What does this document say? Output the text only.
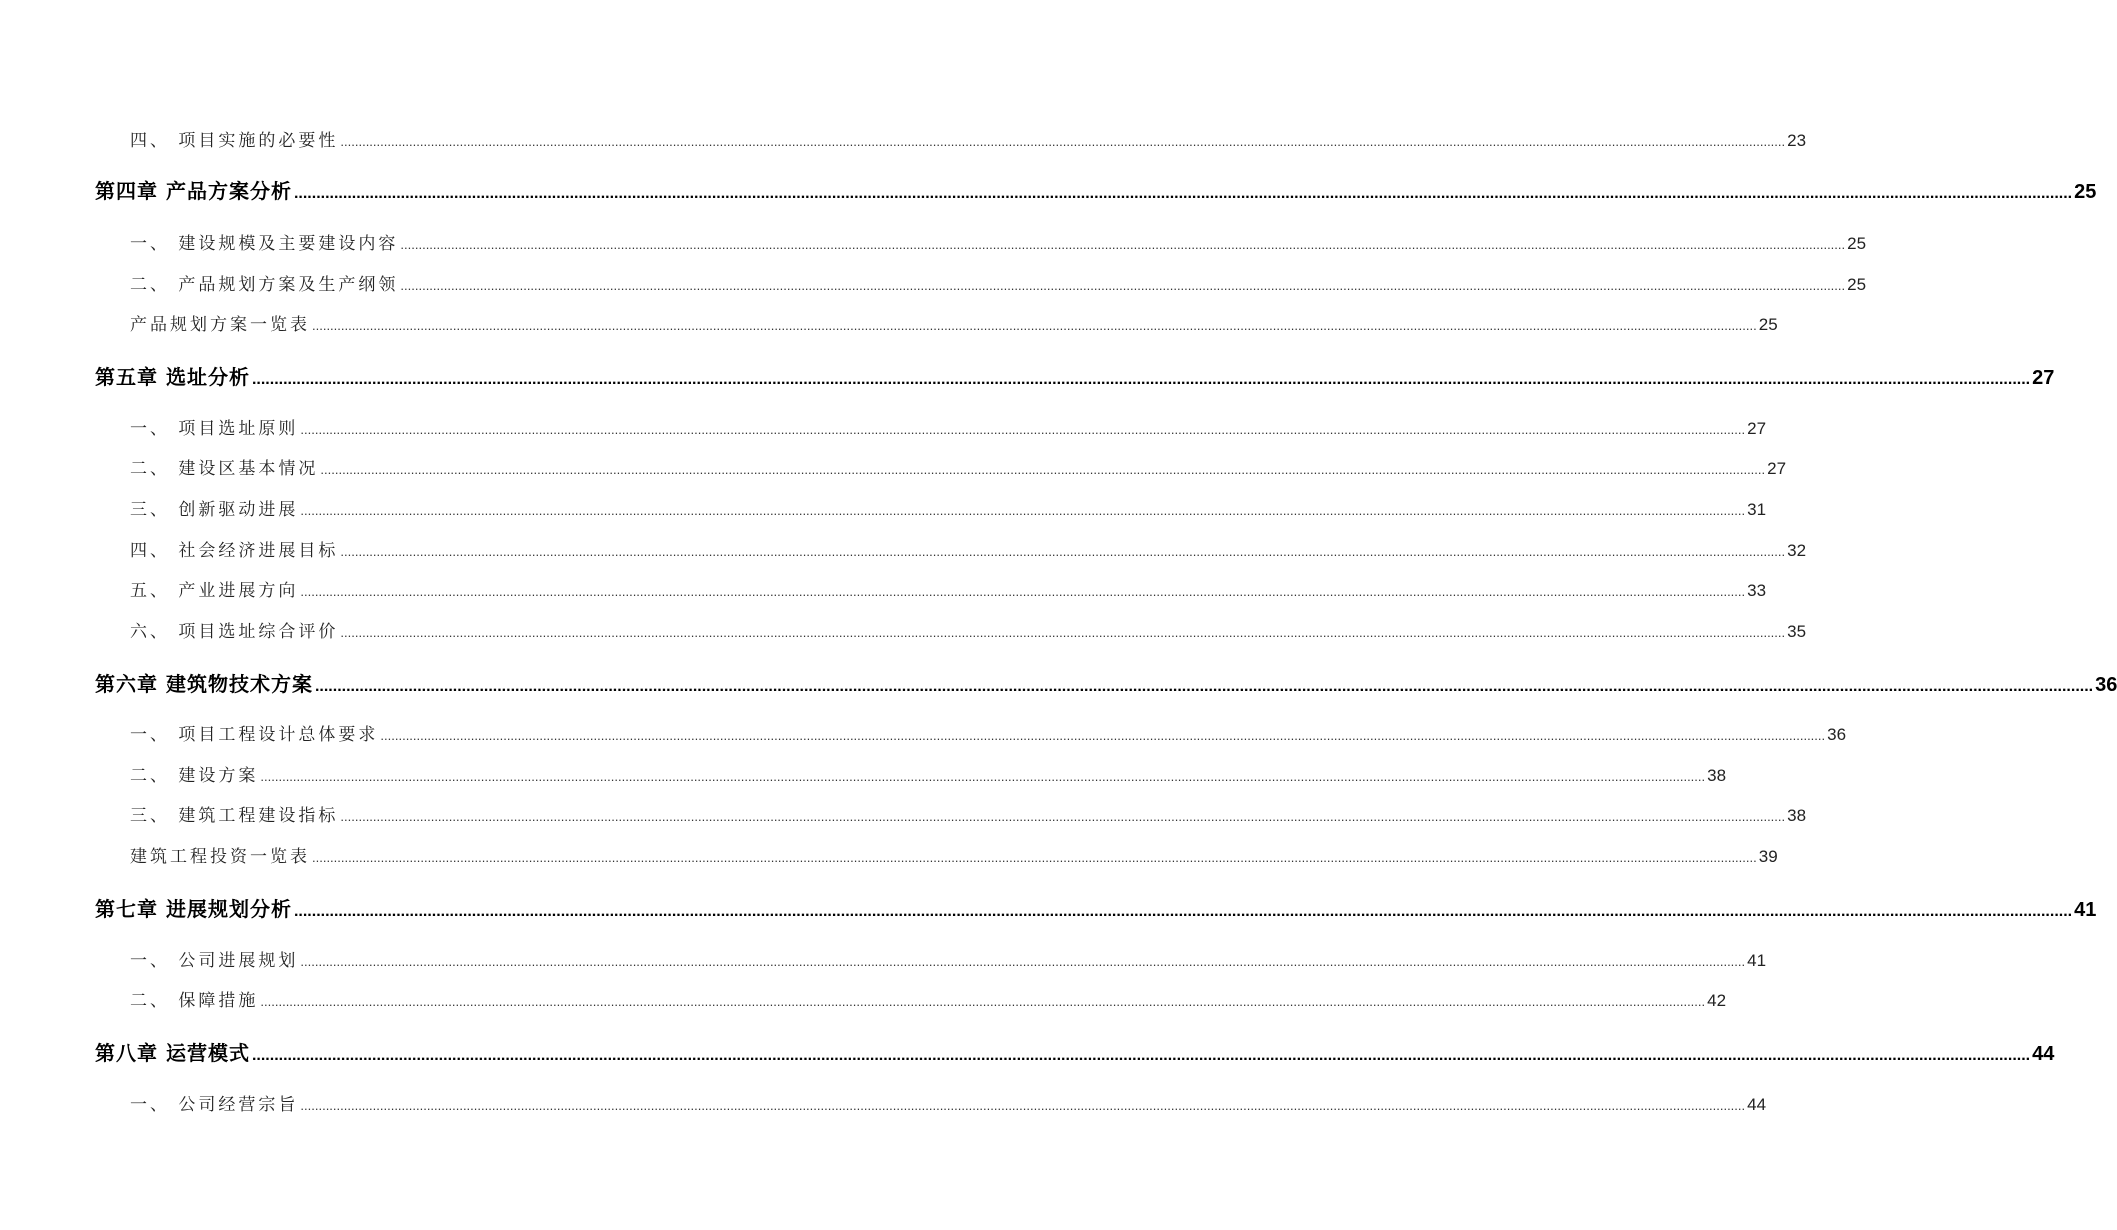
四、 项目实施的必要性 ................................................................................................................................................................................................................................................................................................................................................................................................................ 23
第四章 产品方案分析 ................................................................................................................................................................................................................................................................................................................................................................................................................ 25
一、 建设规模及主要建设内容 ................................................................................................................................................................................................................................................................................................................................................................................................................ 25
二、 产品规划方案及生产纲领 ................................................................................................................................................................................................................................................................................................................................................................................................................ 25
产品规划方案一览表 ................................................................................................................................................................................................................................................................................................................................................................................................................ 25
第五章 选址分析 ................................................................................................................................................................................................................................................................................................................................................................................................................ 27
一、 项目选址原则 ................................................................................................................................................................................................................................................................................................................................................................................................................ 27
二、 建设区基本情况 ................................................................................................................................................................................................................................................................................................................................................................................................................ 27
三、 创新驱动进展 ................................................................................................................................................................................................................................................................................................................................................................................................................ 31
四、 社会经济进展目标 ................................................................................................................................................................................................................................................................................................................................................................................................................ 32
五、 产业进展方向 ................................................................................................................................................................................................................................................................................................................................................................................................................ 33
六、 项目选址综合评价 ................................................................................................................................................................................................................................................................................................................................................................................................................ 35
第六章 建筑物技术方案 ................................................................................................................................................................................................................................................................................................................................................................................................................ 36
一、 项目工程设计总体要求 ................................................................................................................................................................................................................................................................................................................................................................................................................ 36
二、 建设方案 ................................................................................................................................................................................................................................................................................................................................................................................................................ 38
三、 建筑工程建设指标 ................................................................................................................................................................................................................................................................................................................................................................................................................ 38
建筑工程投资一览表 ................................................................................................................................................................................................................................................................................................................................................................................................................ 39
第七章 进展规划分析 ................................................................................................................................................................................................................................................................................................................................................................................................................ 41
一、 公司进展规划 ................................................................................................................................................................................................................................................................................................................................................................................................................ 41
二、 保障措施 ................................................................................................................................................................................................................................................................................................................................................................................................................ 42
第八章 运营模式 ................................................................................................................................................................................................................................................................................................................................................................................................................ 44
一、 公司经营宗旨 ................................................................................................................................................................................................................................................................................................................................................................................................................ 44
